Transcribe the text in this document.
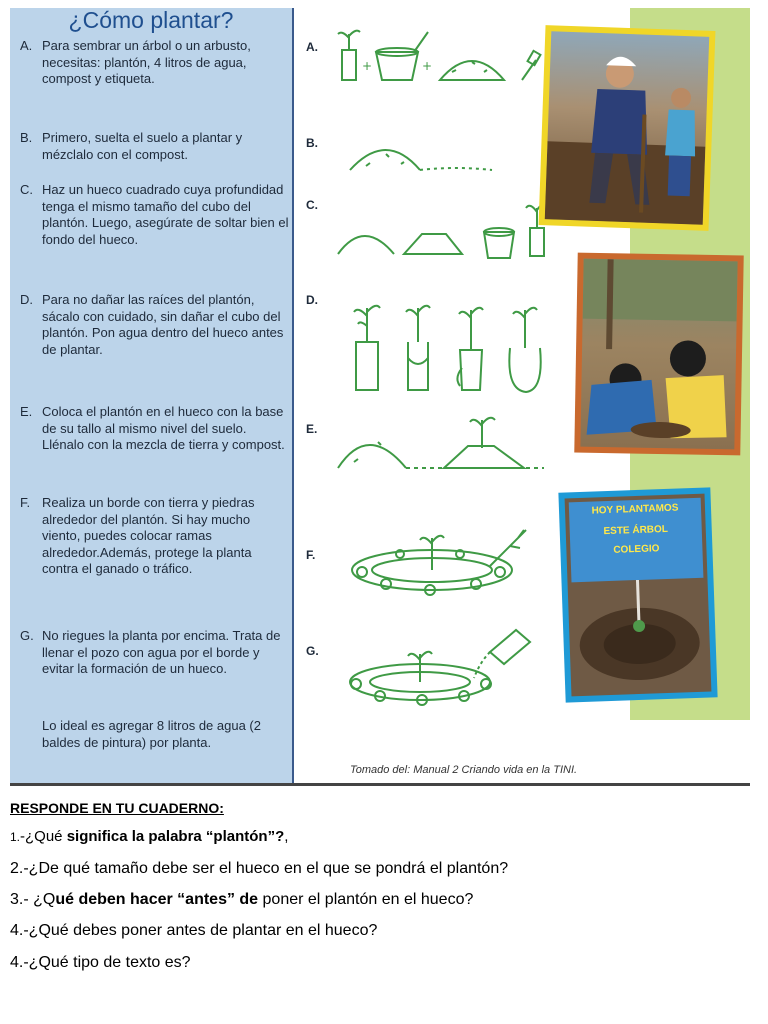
¿Cómo plantar?
A. Para sembrar un árbol o un arbusto, necesitas: plantón, 4 litros de agua, compost y etiqueta.
B. Primero, suelta el suelo a plantar y mézclalo con el compost.
C. Haz un hueco cuadrado cuya profundidad tenga el mismo tamaño del cubo del plantón. Luego, asegúrate de soltar bien el fondo del hueco.
D. Para no dañar las raíces del plantón, sácalo con cuidado, sin dañar el cubo del plantón. Pon agua dentro del hueco antes de plantar.
E. Coloca el plantón en el hueco con la base de su tallo al mismo nivel del suelo. Llénalo con la mezcla de tierra y compost.
F. Realiza un borde con tierra y piedras alrededor del plantón. Si hay mucho viento, puedes colocar ramas alrededor.Además, protege la planta contra el ganado o tráfico.
G. No riegues la planta por encima. Trata de llenar el pozo con agua por el borde y evitar la formación de un hueco.
Lo ideal es agregar 8 litros de agua (2 baldes de pintura) por planta.
A.
B.
C.
D.
E.
F.
G.
+	+
HOY PLANTAMOS
ESTE ÁRBOL
COLEGIO
Tomado del: Manual 2 Criando vida en la TINI.
RESPONDE EN TU CUADERNO:
1.-¿Qué significa la palabra “plantón”?,
2.-¿De qué tamaño debe ser el hueco en el que se pondrá el plantón?
3.- ¿Qué deben hacer “antes” de poner el plantón en el hueco?
4.-¿Qué debes poner antes de plantar en el hueco?
4.-¿Qué tipo de texto es?
